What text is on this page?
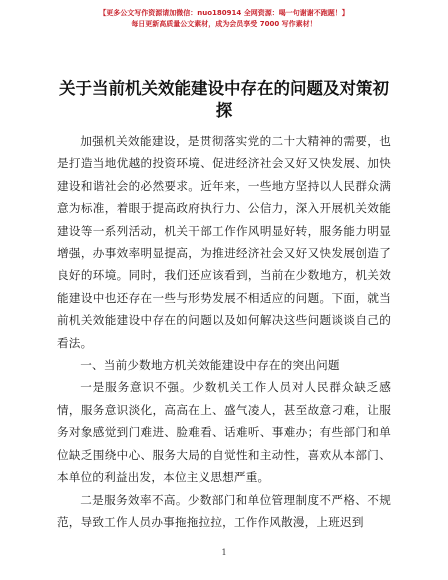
【更多公文写作资源请加微信：nuo180914 全网资源：喝一句谢谢不跑题！】
每日更新高质量公文素材，成为会员享受 7000 写作素材！
关于当前机关效能建设中存在的问题及对策初探

加强机关效能建设，是贯彻落实党的二十大精神的需要，也是打造当地优越的投资环境、促进经济社会又好又快发展、加快建设和谐社会的必然要求。近年来，一些地方坚持以人民群众满意为标准，着眼于提高政府执行力、公信力，深入开展机关效能建设等一系列活动，机关干部工作作风明显好转，服务能力明显增强，办事效率明显提高，为推进经济社会又好又快发展创造了良好的环境。同时，我们还应该看到，当前在少数地方，机关效能建设中也还存在一些与形势发展不相适应的问题。下面，就当前机关效能建设中存在的问题以及如何解决这些问题谈谈自己的看法。

一、当前少数地方机关效能建设中存在的突出问题

一是服务意识不强。少数机关工作人员对人民群众缺乏感情，服务意识淡化，高高在上、盛气凌人，甚至故意刁难，让服务对象感觉到门难进、脸难看、话难听、事难办；有些部门和单位缺乏围绕中心、服务大局的自觉性和主动性，喜欢从本部门、本单位的利益出发，本位主义思想严重。

二是服务效率不高。少数部门和单位管理制度不严格、不规范，导致工作人员办事拖拖拉拉，工作作风散漫，上班迟到

1
